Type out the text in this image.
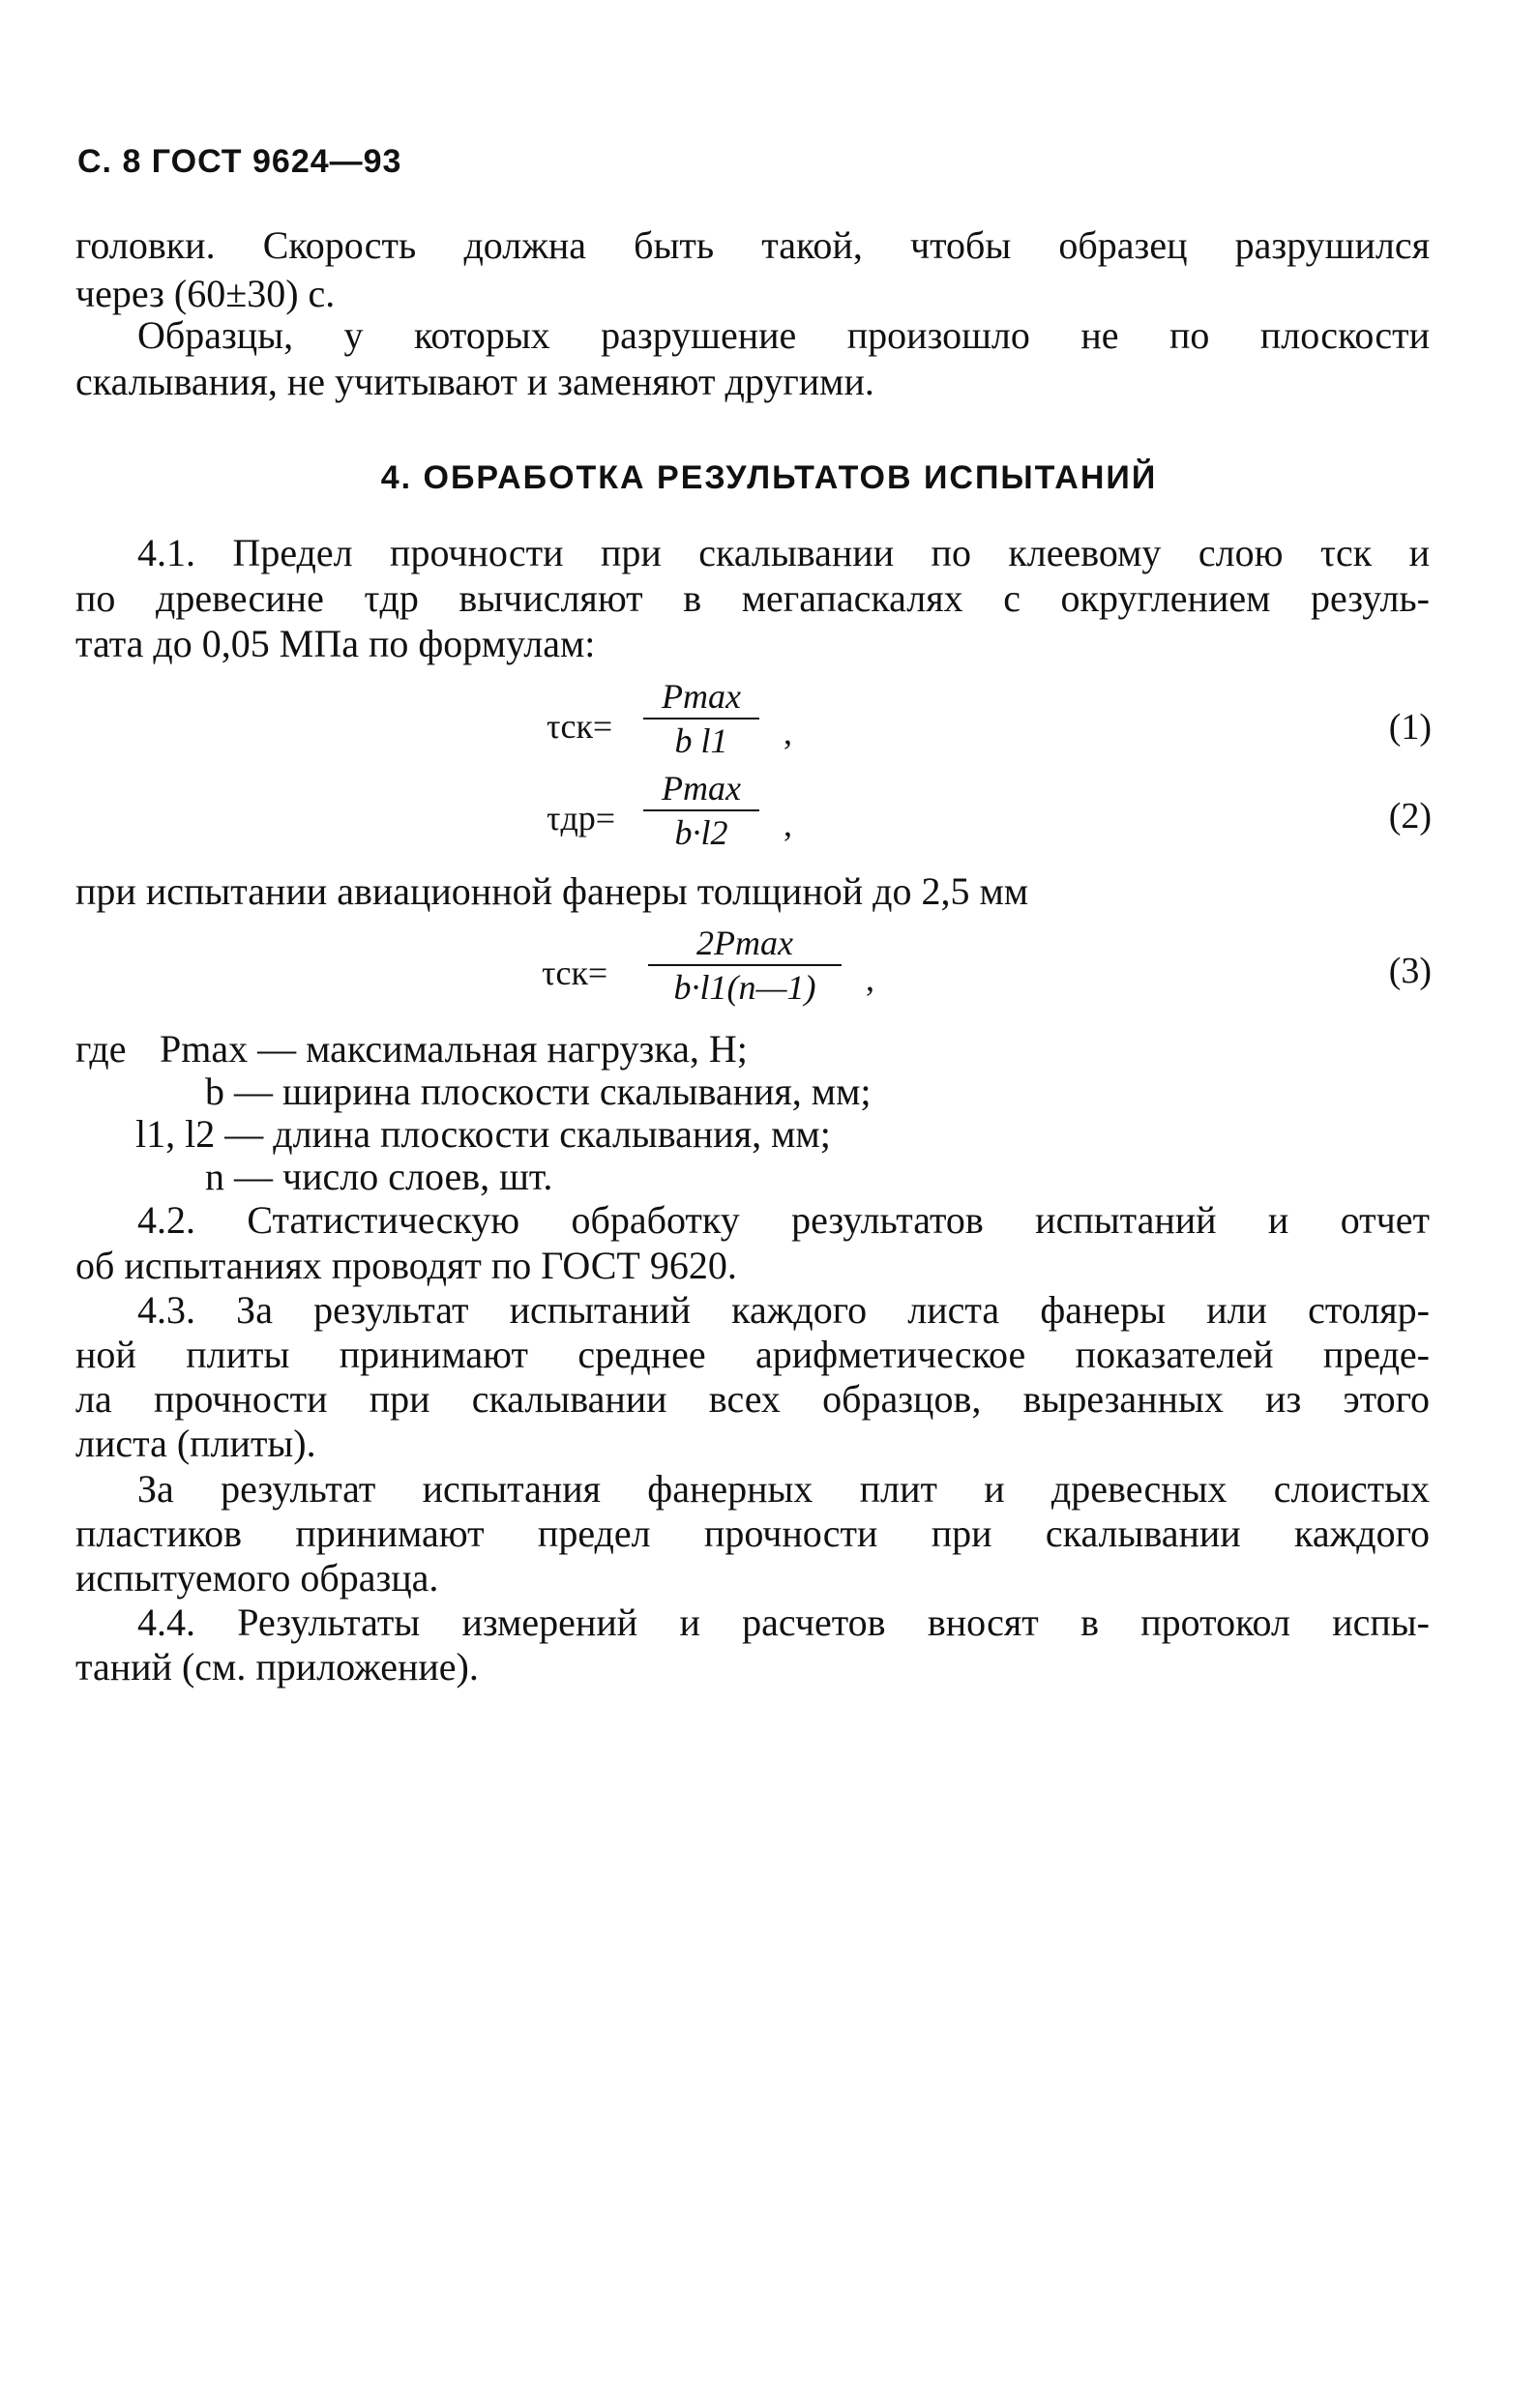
С. 8 ГОСТ 9624—93
головки. Скорость должна быть такой, чтобы образец разрушился
через (60±30) с.
Образцы, у которых разрушение произошло не по плоскости
скалывания, не учитывают и заменяют другими.
4. ОБРАБОТКА РЕЗУЛЬТАТОВ ИСПЫТАНИЙ
4.1. Предел прочности при скалывании по клеевому слою τск и
по древесине τдр вычисляют в мегапаскалях с округлением резуль-
тата до 0,05 МПа по формулам:
τск=
Pmax
b l1	,	(1)
τдр=
Pmax
b·l2	,	(2)
при испытании авиационной фанеры толщиной до 2,5 мм
τск=
2Pmax
b·l1(n—1)	,	(3)
где Pmax — максимальная нагрузка, Н;
b — ширина плоскости скалывания, мм;
l1, l2 — длина плоскости скалывания, мм;
n — число слоев, шт.
4.2. Статистическую обработку результатов испытаний и отчет
об испытаниях проводят по ГОСТ 9620.
4.3. За результат испытаний каждого листа фанеры или столяр-
ной плиты принимают среднее арифметическое показателей преде-
ла прочности при скалывании всех образцов, вырезанных из этого
листа (плиты).
За результат испытания фанерных плит и древесных слоистых
пластиков принимают предел прочности при скалывании каждого
испытуемого образца.
4.4. Результаты измерений и расчетов вносят в протокол испы-
таний (см. приложение).
